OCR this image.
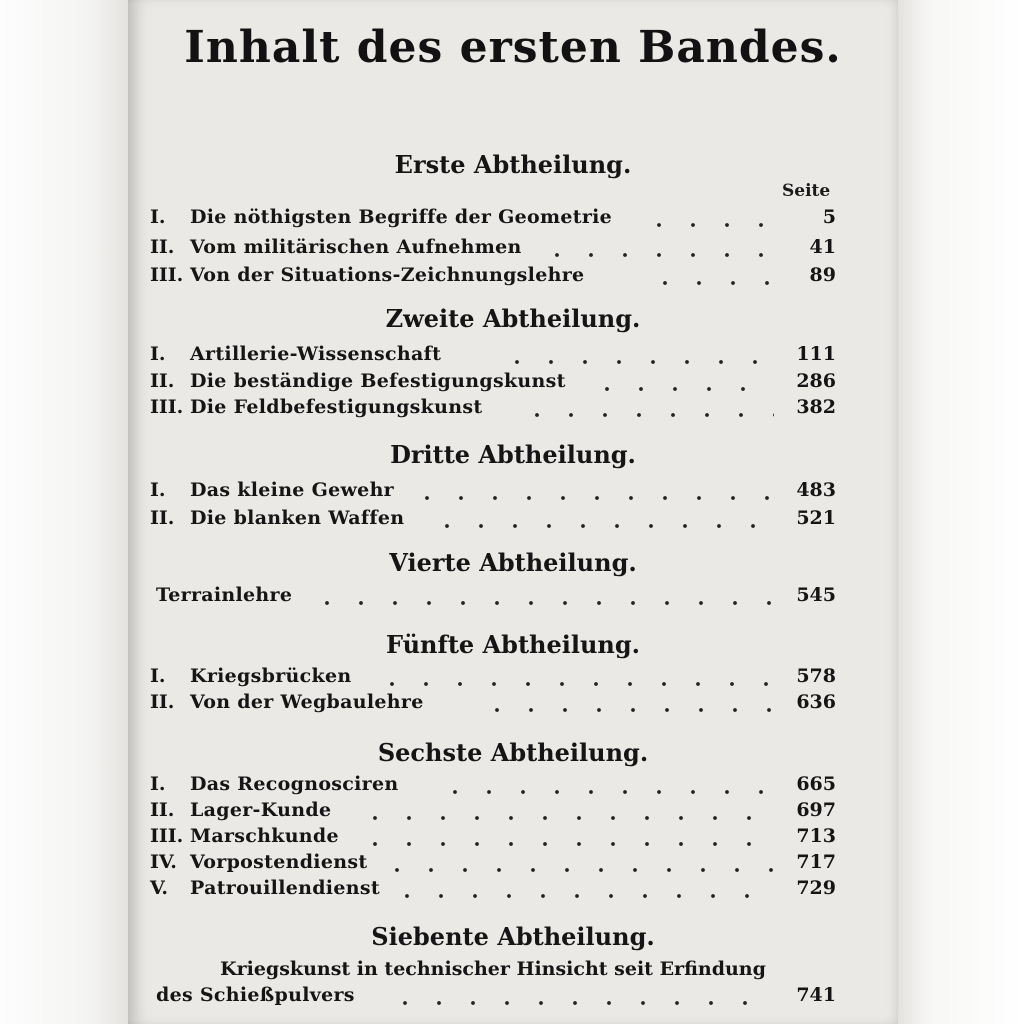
Inhalt des ersten Bandes.
Erste Abtheilung.
Seite
I. Die nöthigsten Begriffe der Geometrie	5
II. Vom militärischen Aufnehmen	41
III. Von der Situations-Zeichnungslehre	89
Zweite Abtheilung.
I. Artillerie-Wissenschaft	111
II. Die beständige Befestigungskunst	286
III. Die Feldbefestigungskunst	382
Dritte Abtheilung.
I. Das kleine Gewehr	483
II. Die blanken Waffen	521
Vierte Abtheilung.
Terrainlehre	545
Fünfte Abtheilung.
I. Kriegsbrücken	578
II. Von der Wegbaulehre	636
Sechste Abtheilung.
I. Das Recognosciren	665
II. Lager-Kunde	697
III. Marschkunde	713
IV. Vorpostendienst	717
V. Patrouillendienst	729
Siebente Abtheilung.
Kriegskunst in technischer Hinsicht seit Erfindung
des Schießpulvers	741
